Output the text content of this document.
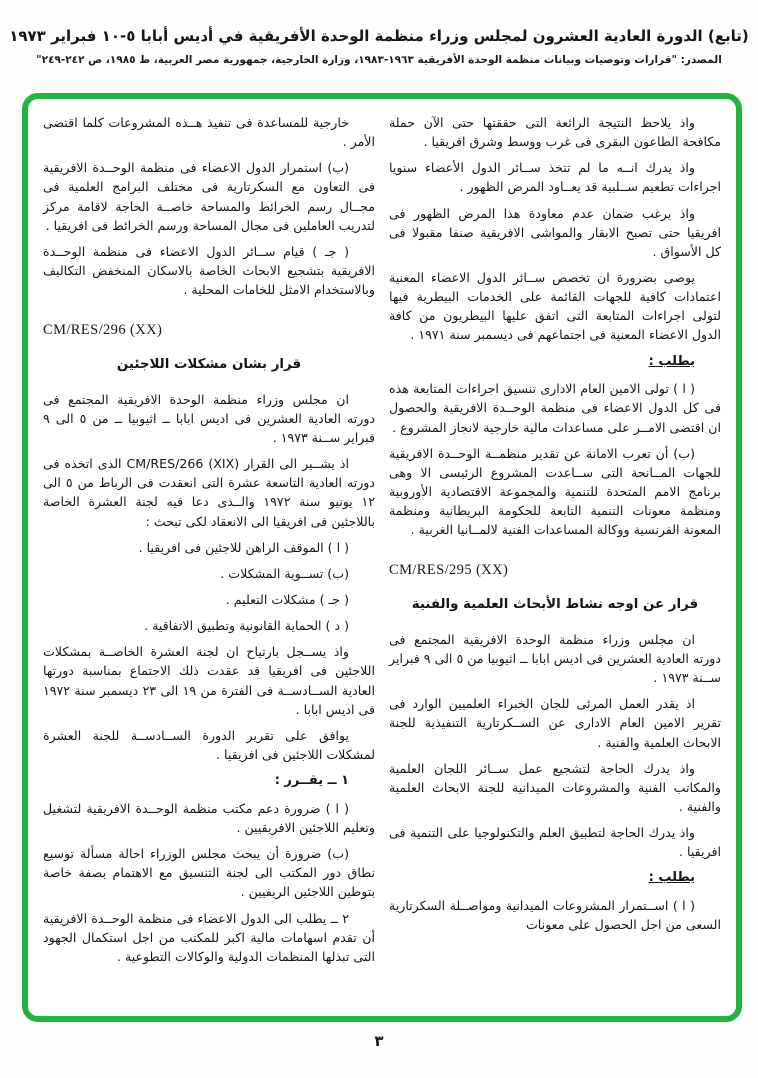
(تابع) الدورة العادية العشرون لمجلس وزراء منظمة الوحدة الأفريقية في أديس أبابا ٥-١٠ فبراير ١٩٧٣
المصدر: "قرارات وتوصيات وبيانات منظمة الوحدة الأفريقية ١٩٦٣-١٩٨٣، وزارة الخارجية، جمهورية مصر العربية، ط ١٩٨٥، ص ٢٤٢-٢٤٩"
واذ يلاحظ النتيجة الرائعة التى حققتها حتى الآن حملة مكافحة الطاعون البقرى فى غرب ووسط وشرق افريقيا .
واذ يدرك انــه ما لم تتخذ ســائر الدول الأعضاء سنويا اجراءات تطعيم ســلبية قد يعــاود المرض الظهور .
واذ يرغب ضمان عدم معاودة هذا المرض الظهور فى افريقيا حتى تصبح الابقار والمواشى الافريقية صنفا مقبولا فى كل الأسواق .
يوصى بضرورة ان تخصص ســائر الدول الاعضاء المعنية اعتمادات كافية للجهات القائمة على الخدمات البيطرية فيها لتولى اجراءات المتابعة التى اتفق عليها البيطريون من كافة الدول الاعضاء المعنية فى اجتماعهم فى ديسمبر سنة ١٩٧١ .
يطلب :
( ا ) تولى الامين العام الادارى تنسيق اجراءات المتابعة هذه فى كل الدول الاعضاء فى منظمة الوحــدة الافريقية والحصول ان اقتضى الامــر على مساعدات مالية خارجية لانجاز المشروع .
(ب) أن تعرب الامانة عن تقدير منظمــة الوحــدة الافريقية للجهات المــانحة التى ســاعدت المشروع الرئيسى الا وهى برنامج الامم المتحدة للتنمية والمجموعة الاقتصادية الأوروبية ومنظمة معونات التنمية التابعة للحكومة البريطانية ومنظمة المعونة الفرنسية ووكالة المساعدات الفنية لالمــانيا الغربية .
CM/RES/295 (XX)
قرار عن اوجه نشاط الأبحاث العلمية والفنية
ان مجلس وزراء منظمة الوحدة الافريقية المجتمع فى دورته العادية العشرين فى اديس ابابا ــ اثيوبيا من ٥ الى ٩ فبراير ســنة ١٩٧٣ .
اذ يقدر العمل المرئى للجان الخبراء العلميين الوارد فى تقرير الامين العام الادارى عن الســكرتارية التنفيذية للجنة الابحاث العلمية والفنية .
واذ يدرك الحاجة لتشجيع عمل ســائر اللجان العلمية والمكاتب الفنية والمشروعات الميدانية للجنة الابحاث العلمية والفنية .
واذ يدرك الحاجة لتطبيق العلم والتكنولوجيا على التنمية فى افريقيا .
يطلب :
( ا ) اســتمرار المشروعات الميدانية ومواصــلة السكرتارية السعى من اجل الحصول على معونات
خارجية للمساعدة فى تنفيذ هــذه المشروعات كلما اقتضى الأمر .
(ب) استمرار الدول الاعضاء فى منظمة الوحــدة الافريقية فى التعاون مع السكرتارية فى مختلف البرامج العلمية فى مجــال رسم الخرائط والمساحة خاصــة الحاجة لاقامة مركز لتدريب العاملين فى مجال المساحة ورسم الخرائط فى افريقيا .
( جـ ) قيام ســائر الدول الاعضاء فى منظمة الوحــدة الافريقية بتشجيع الابحاث الخاصة بالاسكان المنخفض التكاليف وبالاستخدام الامثل للخامات المحلية .
CM/RES/296 (XX)
قرار بشان مشكلات اللاجئين
ان مجلس وزراء منظمة الوحدة الافريقية المجتمع فى دورته العادية العشرين فى اديس ابابا ــ اثيوبيا ــ من ٥ الى ٩ فبراير ســنة ١٩٧٣ .
اذ يشــير الى القرار CM/RES/266 (XIX) الذى اتخذه فى دورته العادية التاسعة عشرة التى انعقدت فى الرباط من ٥ الى ١٢ يونيو سنة ١٩٧٢ والــذى دعا فيه لجنة العشرة الخاصة باللاجئين فى افريقيا الى الانعقاد لكى تبحث :
( ا ) الموقف الراهن للاجئين فى افريقيا .
(ب) تســوية المشكلات .
( جـ ) مشكلات التعليم .
( د ) الحماية القانونية وتطبيق الاتفاقية .
واذ يســجل بارتياح ان لجنة العشرة الخاصــة بمشكلات اللاجئين فى افريقيا قد عقدت ذلك الاجتماع بمناسبة دورتها العادية الســادســة فى الفترة من ١٩ الى ٢٣ ديسمبر سنة ١٩٧٢ فى اديس ابابا .
يوافق على تقرير الدورة الســادســة للجنة العشرة لمشكلات اللاجئين فى افريقيا .
١ ــ يقــرر :
( ا ) ضرورة دعم مكتب منظمة الوحــدة الافريقية لتشغيل وتعليم اللاجئين الافريقيين .
(ب) ضرورة أن يبحث مجلس الوزراء احالة مسألة توسيع نطاق دور المكتب الى لجنة التنسيق مع الاهتمام بصفة خاصة بتوطين اللاجئين الريفيين .
٢ ــ يطلب الى الدول الاعضاء فى منظمة الوحــدة الافريقية أن تقدم اسهامات مالية اكبر للمكتب من اجل استكمال الجهود التى تبذلها المنظمات الدولية والوكالات التطوعية .
٣
